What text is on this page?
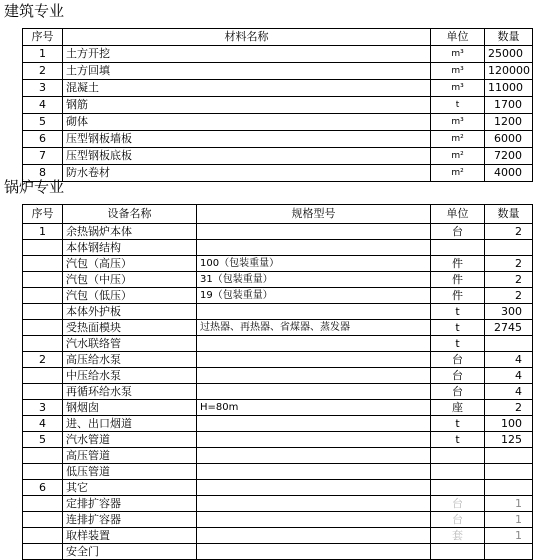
建筑专业
序号	材料名称	单位	数量
1	土方开挖	m³	25000
2	土方回填	m³	120000
3	混凝土	m³	11000
4	钢筋	t	1700
5	砌体	m³	1200
6	压型钢板墙板	m²	6000
7	压型钢板底板	m²	7200
8	防水卷材	m²	4000
锅炉专业
序号	设备名称	规格型号	单位	数量
1	余热锅炉本体		台	2
	本体钢结构			
	汽包（高压）	100（包装重量）	件	2
	汽包（中压）	31（包装重量）	件	2
	汽包（低压）	19（包装重量）	件	2
	本体外护板		t	300
	受热面模块	过热器、再热器、省煤器、蒸发器	t	2745
	汽水联络管		t	
2	高压给水泵		台	4
	中压给水泵		台	4
	再循环给水泵		台	4
3	钢烟囱	H=80m	座	2
4	进、出口烟道		t	100
5	汽水管道		t	125
	高压管道			
	低压管道			
6	其它			
	定排扩容器		台	1
	连排扩容器		台	1
	取样装置		套	1
	安全门			
